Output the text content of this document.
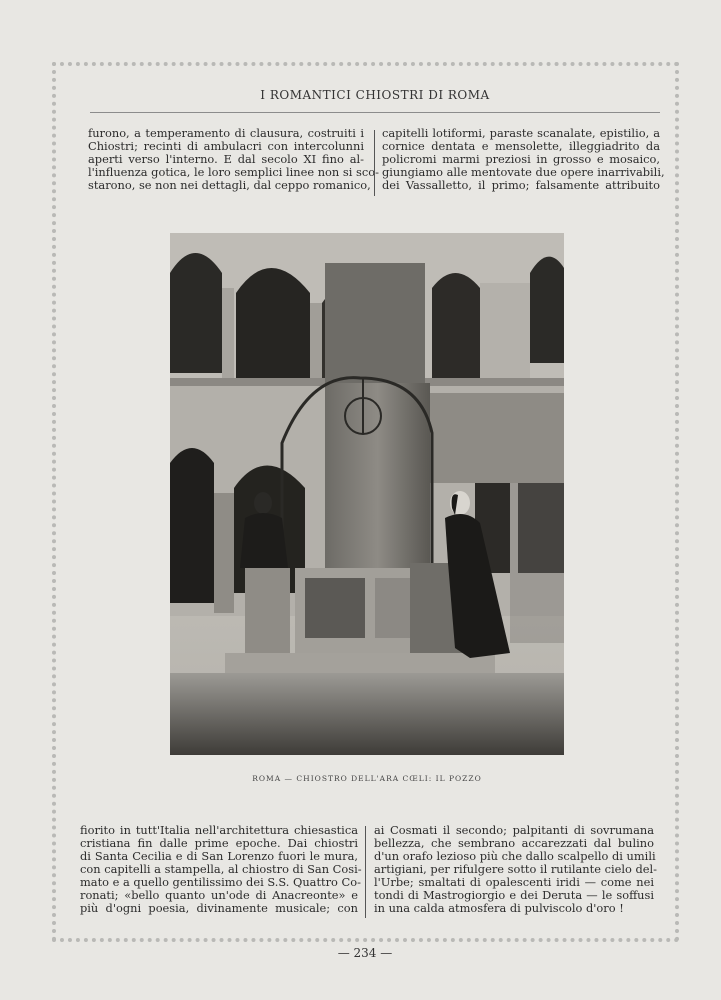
I ROMANTICI CHIOSTRI DI ROMA
furono, a temperamento di clausura, costruiti i
Chiostri; recinti di ambulacri con intercolunni
aperti verso l'interno. E dal secolo XI fino al-
l'influenza gotica, le loro semplici linee non si sco-
starono, se non nei dettagli, dal ceppo romanico,
capitelli lotiformi, paraste scanalate, epistilio, a
cornice dentata e mensolette, illeggiadrito da
policromi marmi preziosi in grosso e mosaico,
giungiamo alle mentovate due opere inarrivabili,
dei Vassalletto, il primo; falsamente attribuito
ROMA — CHIOSTRO DELL'ARA CŒLI: IL POZZO
fiorito in tutt'Italia nell'architettura chiesastica
cristiana fin dalle prime epoche. Dai chiostri
di Santa Cecilia e di San Lorenzo fuori le mura,
con capitelli a stampella, al chiostro di San Cosi-
mato e a quello gentilissimo dei S.S. Quattro Co-
ronati; «bello quanto un'ode di Anacreonte» e
più d'ogni poesia, divinamente musicale; con
ai Cosmati il secondo; palpitanti di sovrumana
bellezza, che sembrano accarezzati dal bulino
d'un orafo lezioso più che dallo scalpello di umili
artigiani, per rifulgere sotto il rutilante cielo del-
l'Urbe; smaltati di opalescenti iridi — come nei
tondi di Mastrogiorgio e dei Deruta — le soffusi
in una calda atmosfera di pulviscolo d'oro !
— 234 —
